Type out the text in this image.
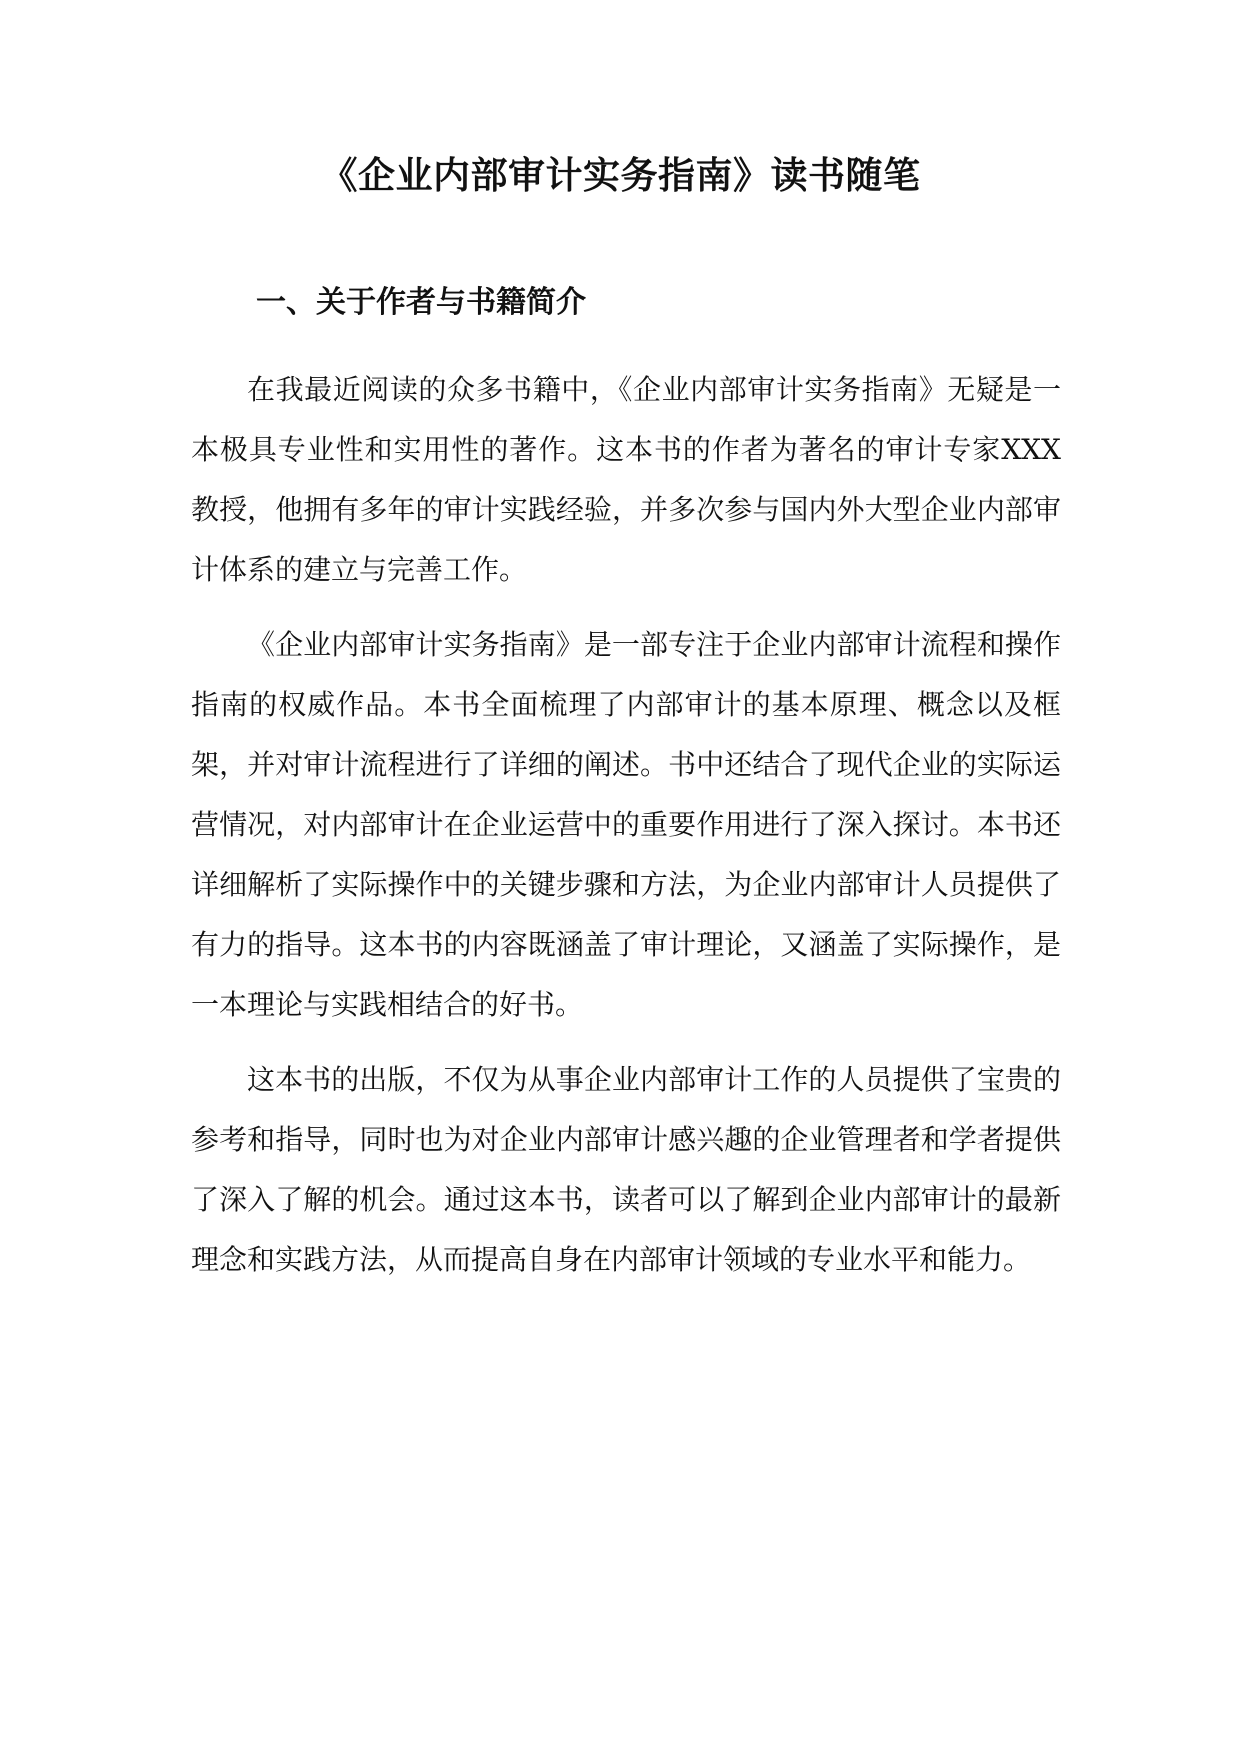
《企业内部审计实务指南》读书随笔
一、关于作者与书籍简介

在我最近阅读的众多书籍中，《企业内部审计实务指南》无疑是一本极具专业性和实用性的著作。这本书的作者为著名的审计专家XXX教授，他拥有多年的审计实践经验，并多次参与国内外大型企业内部审计体系的建立与完善工作。

《企业内部审计实务指南》是一部专注于企业内部审计流程和操作指南的权威作品。本书全面梳理了内部审计的基本原理、概念以及框架，并对审计流程进行了详细的阐述。书中还结合了现代企业的实际运营情况，对内部审计在企业运营中的重要作用进行了深入探讨。本书还详细解析了实际操作中的关键步骤和方法，为企业内部审计人员提供了有力的指导。这本书的内容既涵盖了审计理论，又涵盖了实际操作，是一本理论与实践相结合的好书。

这本书的出版，不仅为从事企业内部审计工作的人员提供了宝贵的参考和指导，同时也为对企业内部审计感兴趣的企业管理者和学者提供了深入了解的机会。通过这本书，读者可以了解到企业内部审计的最新理念和实践方法，从而提高自身在内部审计领域的专业水平和能力。
